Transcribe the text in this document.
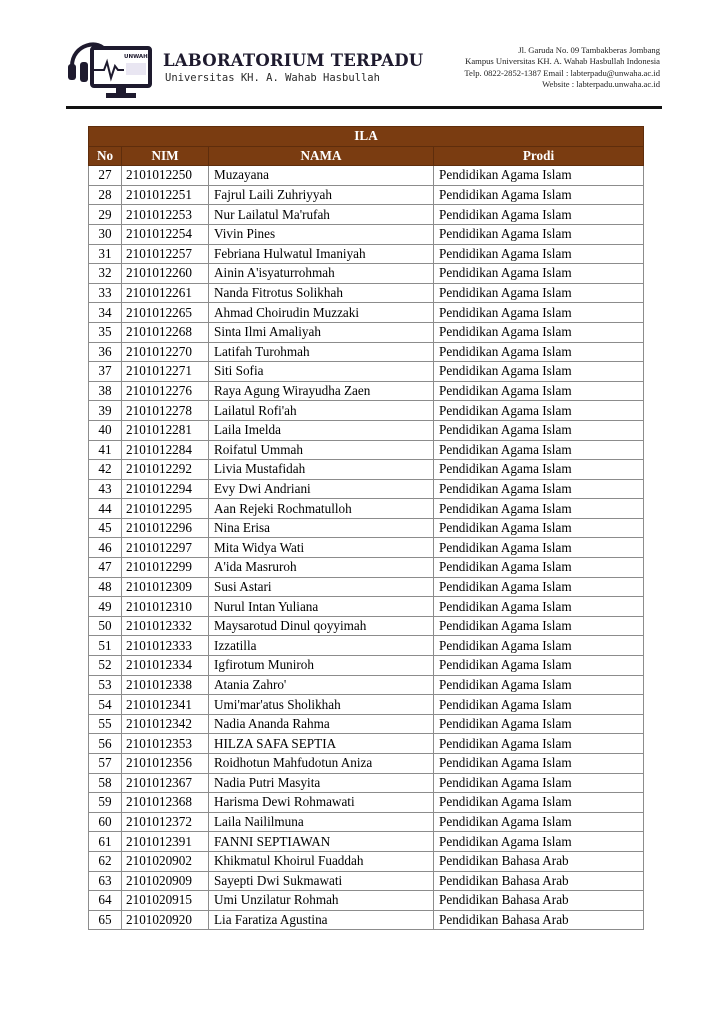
UNWAHA LABORATORIUM TERPADU
Universitas KH. A. Wahab Hasbullah
Jl. Garuda No. 09 Tambakberas Jombang
Kampus Universitas KH. A. Wahab Hasbullah Indonesia
Telp. 0822-2852-1387 Email : labterpadu@unwaha.ac.id
Website : labterpadu.unwaha.ac.id
ILA			
No	NIM	NAMA	Prodi
27	2101012250	Muzayana	Pendidikan Agama Islam
28	2101012251	Fajrul Laili Zuhriyyah	Pendidikan Agama Islam
29	2101012253	Nur Lailatul Ma'rufah	Pendidikan Agama Islam
30	2101012254	Vivin Pines	Pendidikan Agama Islam
31	2101012257	Febriana Hulwatul Imaniyah	Pendidikan Agama Islam
32	2101012260	Ainin A'isyaturrohmah	Pendidikan Agama Islam
33	2101012261	Nanda Fitrotus Solikhah	Pendidikan Agama Islam
34	2101012265	Ahmad Choirudin Muzzaki	Pendidikan Agama Islam
35	2101012268	Sinta Ilmi Amaliyah	Pendidikan Agama Islam
36	2101012270	Latifah Turohmah	Pendidikan Agama Islam
37	2101012271	Siti Sofia	Pendidikan Agama Islam
38	2101012276	Raya Agung Wirayudha Zaen	Pendidikan Agama Islam
39	2101012278	Lailatul Rofi'ah	Pendidikan Agama Islam
40	2101012281	Laila Imelda	Pendidikan Agama Islam
41	2101012284	Roifatul Ummah	Pendidikan Agama Islam
42	2101012292	Livia Mustafidah	Pendidikan Agama Islam
43	2101012294	Evy Dwi Andriani	Pendidikan Agama Islam
44	2101012295	Aan Rejeki Rochmatulloh	Pendidikan Agama Islam
45	2101012296	Nina Erisa	Pendidikan Agama Islam
46	2101012297	Mita Widya Wati	Pendidikan Agama Islam
47	2101012299	A'ida Masruroh	Pendidikan Agama Islam
48	2101012309	Susi Astari	Pendidikan Agama Islam
49	2101012310	Nurul Intan Yuliana	Pendidikan Agama Islam
50	2101012332	Maysarotud Dinul qoyyimah	Pendidikan Agama Islam
51	2101012333	Izzatilla	Pendidikan Agama Islam
52	2101012334	Igfirotum Muniroh	Pendidikan Agama Islam
53	2101012338	Atania Zahro'	Pendidikan Agama Islam
54	2101012341	Umi'mar'atus Sholikhah	Pendidikan Agama Islam
55	2101012342	Nadia Ananda Rahma	Pendidikan Agama Islam
56	2101012353	HILZA SAFA SEPTIA	Pendidikan Agama Islam
57	2101012356	Roidhotun Mahfudotun Aniza	Pendidikan Agama Islam
58	2101012367	Nadia Putri Masyita	Pendidikan Agama Islam
59	2101012368	Harisma Dewi Rohmawati	Pendidikan Agama Islam
60	2101012372	Laila Naililmuna	Pendidikan Agama Islam
61	2101012391	FANNI SEPTIAWAN	Pendidikan Agama Islam
62	2101020902	Khikmatul Khoirul Fuaddah	Pendidikan Bahasa Arab
63	2101020909	Sayepti Dwi Sukmawati	Pendidikan Bahasa Arab
64	2101020915	Umi Unzilatur Rohmah	Pendidikan Bahasa Arab
65	2101020920	Lia Faratiza Agustina	Pendidikan Bahasa Arab
